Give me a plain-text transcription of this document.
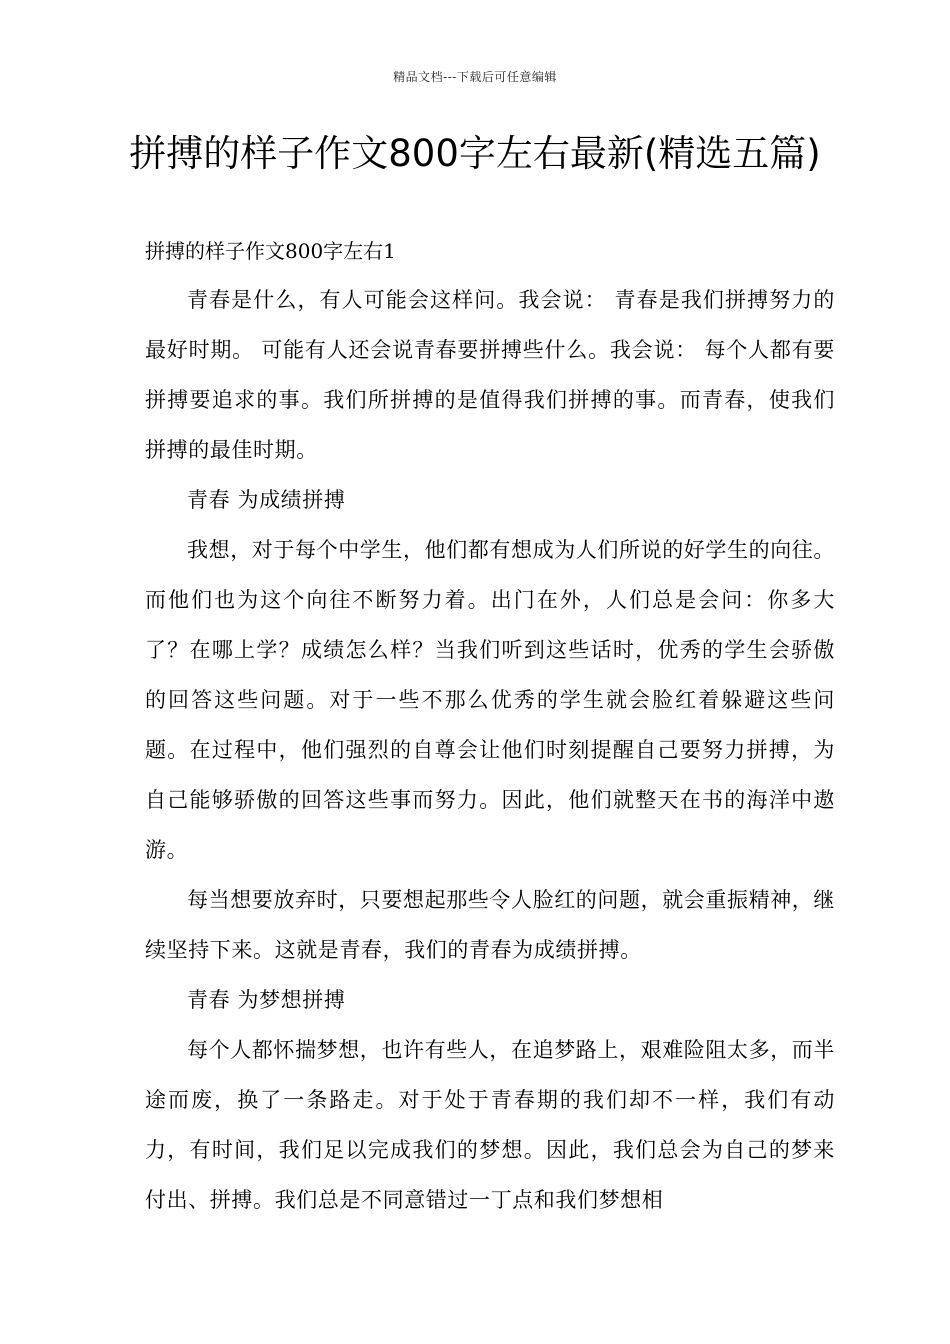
精品文档---下载后可任意编辑
拼搏的样子作文800字左右最新(精选五篇)
拼搏的样子作文800字左右1

青春是什么，有人可能会这样问。我会说： 青春是我们拼搏努力的最好时期。 可能有人还会说青春要拼搏些什么。我会说： 每个人都有要拼搏要追求的事。我们所拼搏的是值得我们拼搏的事。而青春，使我们拼搏的最佳时期。

青春 为成绩拼搏

我想，对于每个中学生，他们都有想成为人们所说的好学生的向往。而他们也为这个向往不断努力着。出门在外，人们总是会问：你多大了？在哪上学？成绩怎么样？当我们听到这些话时，优秀的学生会骄傲的回答这些问题。对于一些不那么优秀的学生就会脸红着躲避这些问题。在过程中，他们强烈的自尊会让他们时刻提醒自己要努力拼搏，为自己能够骄傲的回答这些事而努力。因此，他们就整天在书的海洋中遨游。

每当想要放弃时，只要想起那些令人脸红的问题，就会重振精神，继续坚持下来。这就是青春，我们的青春为成绩拼搏。

青春 为梦想拼搏

每个人都怀揣梦想，也许有些人，在追梦路上，艰难险阻太多，而半途而废，换了一条路走。对于处于青春期的我们却不一样，我们有动力，有时间，我们足以完成我们的梦想。因此，我们总会为自己的梦来付出、拼搏。我们总是不同意错过一丁点和我们梦想相
